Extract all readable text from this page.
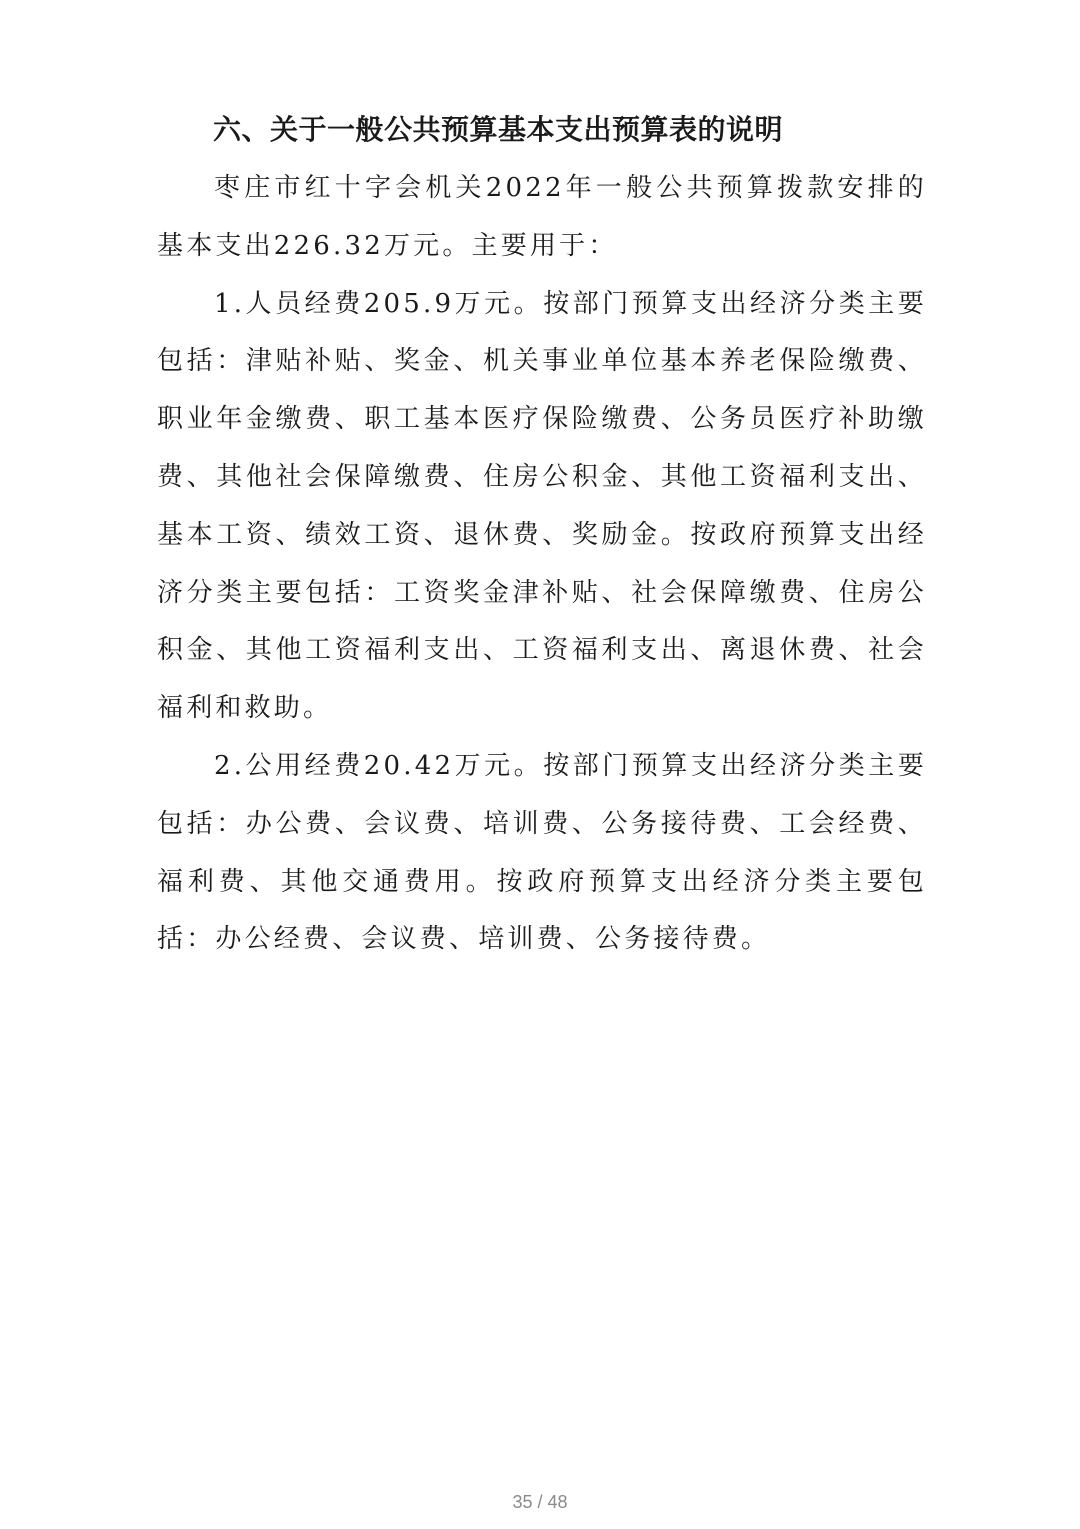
六、关于一般公共预算基本支出预算表的说明

枣庄市红十字会机关2022年一般公共预算拨款安排的基本支出226.32万元。主要用于：

1.人员经费205.9万元。按部门预算支出经济分类主要包括：津贴补贴、奖金、机关事业单位基本养老保险缴费、职业年金缴费、职工基本医疗保险缴费、公务员医疗补助缴费、其他社会保障缴费、住房公积金、其他工资福利支出、基本工资、绩效工资、退休费、奖励金。按政府预算支出经济分类主要包括：工资奖金津补贴、社会保障缴费、住房公积金、其他工资福利支出、工资福利支出、离退休费、社会福利和救助。

2.公用经费20.42万元。按部门预算支出经济分类主要包括：办公费、会议费、培训费、公务接待费、工会经费、福利费、其他交通费用。按政府预算支出经济分类主要包括：办公经费、会议费、培训费、公务接待费。

35 / 48
